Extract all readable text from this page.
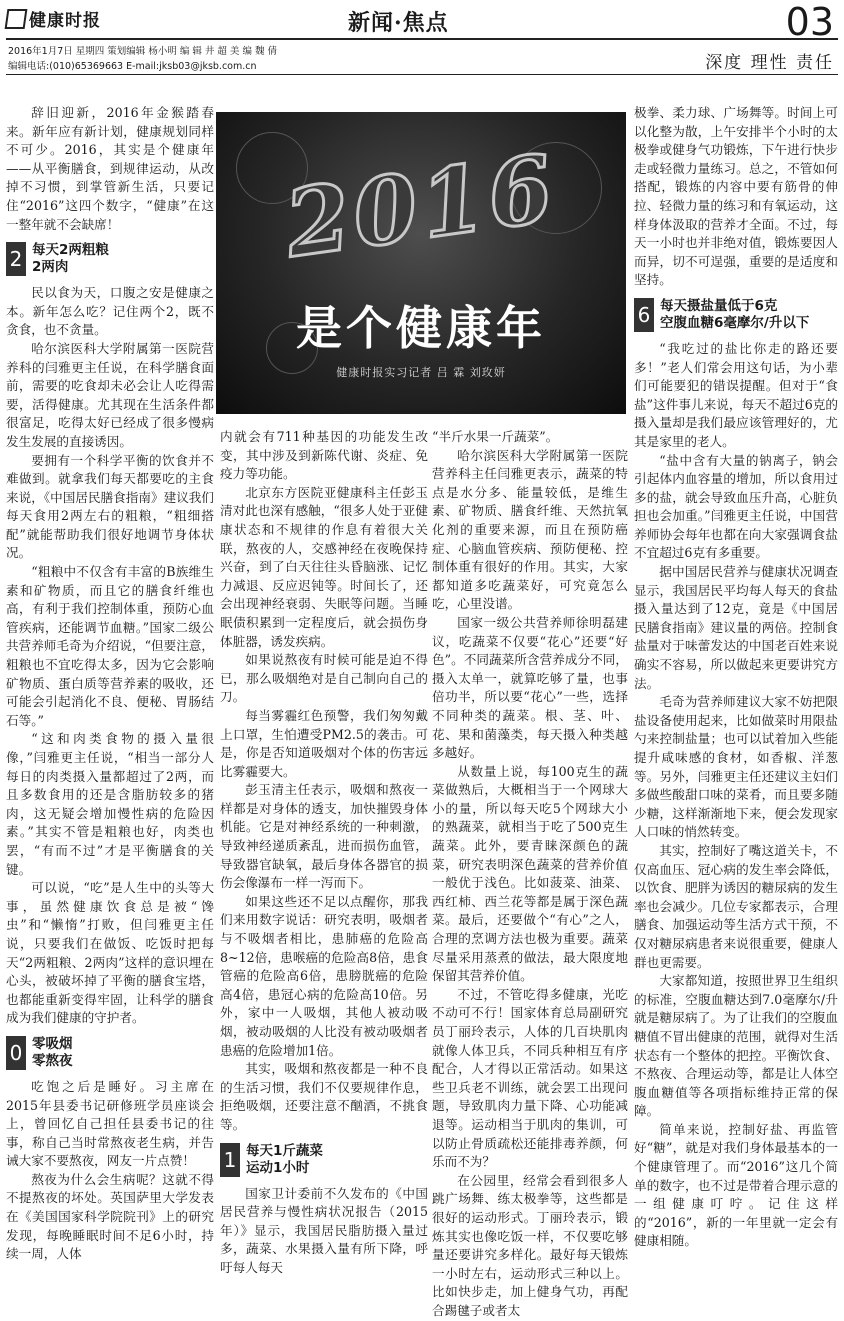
健康时报	新闻·焦点	03
2016年1月7日 星期四 策划编辑 杨小明 编 辑 井 超 美 编 魏 倩
编辑电话:(010)65369663 E-mail:jksb03@jksb.com.cn	深度 理性 责任
2016
是个健康年
健康时报实习记者 吕 霖 刘玫妍

辞旧迎新，2016年金猴踏春来。新年应有新计划，健康规划同样不可少。2016，其实是个健康年——从平衡膳食，到规律运动，从改掉不习惯，到掌管新生活，只要记住“2016”这四个数字，“健康”在这一整年就不会缺席！

2 每天2两粗粮
2两肉

民以食为天，口腹之安是健康之本。新年怎么吃？记住两个2，既不贪食，也不贪量。

哈尔滨医科大学附属第一医院营养科的闫雅更主任说，在科学膳食面前，需要的吃食却未必会让人吃得需要，活得健康。尤其现在生活条件都很富足，吃得太好已经成了很多慢病发生发展的直接诱因。

要拥有一个科学平衡的饮食并不难做到。就拿我们每天都要吃的主食来说，《中国居民膳食指南》建议我们每天食用2两左右的粗粮，“粗细搭配”就能帮助我们很好地调节身体状况。

“粗粮中不仅含有丰富的B族维生素和矿物质，而且它的膳食纤维也高，有利于我们控制体重，预防心血管疾病，还能调节血糖。”国家二级公共营养师毛奇为介绍说，“但要注意，粗粮也不宜吃得太多，因为它会影响矿物质、蛋白质等营养素的吸收，还可能会引起消化不良、便秘、胃肠结石等。”

“这和肉类食物的摄入量很像，”闫雅更主任说，“相当一部分人每日的肉类摄入量都超过了2两，而且多数食用的还是含脂肪较多的猪肉，这无疑会增加慢性病的危险因素。”其实不管是粗粮也好，肉类也罢，“有而不过”才是平衡膳食的关键。

可以说，“吃”是人生中的头等大事，虽然健康饮食总是被“馋虫”和“懒惰”打败，但闫雅更主任说，只要我们在做饭、吃饭时把每天“2两粗粮、2两肉”这样的意识埋在心头，被破坏掉了平衡的膳食宝塔，也都能重新变得牢固，让科学的膳食成为我们健康的守护者。

0 零吸烟
零熬夜

吃饱之后是睡好。习主席在2015年县委书记研修班学员座谈会上，曾回忆自己担任县委书记的往事，称自己当时常熬夜老生病，并告诫大家不要熬夜，网友一片点赞！

熬夜为什么会生病呢？这就不得不提熬夜的坏处。英国萨里大学发表在《美国国家科学院院刊》上的研究发现，每晚睡眠时间不足6小时，持续一周，人体

内就会有711种基因的功能发生改变，其中涉及到新陈代谢、炎症、免疫力等功能。

北京东方医院亚健康科主任彭玉清对此也深有感触，“很多人处于亚健康状态和不规律的作息有着很大关联，熬夜的人，交感神经在夜晚保持兴奋，到了白天往往头昏脑涨、记忆力减退、反应迟钝等。时间长了，还会出现神经衰弱、失眠等问题。当睡眠债积累到一定程度后，就会损伤身体脏器，诱发疾病。

如果说熬夜有时候可能是迫不得已，那么吸烟绝对是自己制向自己的刀。

每当雾霾红色预警，我们匆匆戴上口罩，生怕遭受PM2.5的袭击。可是，你是否知道吸烟对个体的伤害远比雾霾要大。

彭玉清主任表示，吸烟和熬夜一样都是对身体的透支，加快摧毁身体机能。它是对神经系统的一种刺激，导致神经递质紊乱，进而损伤血管，导致器官缺氧，最后身体各器官的损伤会像瀑布一样一泻而下。

如果这些还不足以点醒你，那我们来用数字说话：研究表明，吸烟者与不吸烟者相比，患肺癌的危险高8~12倍，患喉癌的危险高8倍，患食管癌的危险高6倍，患膀胱癌的危险高4倍，患冠心病的危险高10倍。另外，家中一人吸烟，其他人被动吸烟，被动吸烟的人比没有被动吸烟者患癌的危险增加1倍。

其实，吸烟和熬夜都是一种不良的生活习惯，我们不仅要规律作息，拒绝吸烟，还要注意不酗酒，不挑食等。

1 每天1斤蔬菜
运动1小时

国家卫计委前不久发布的《中国居民营养与慢性病状况报告（2015年）》显示，我国居民脂肪摄入量过多，蔬菜、水果摄入量有所下降，呼吁每人每天

“半斤水果一斤蔬菜”。

哈尔滨医科大学附属第一医院营养科主任闫雅更表示，蔬菜的特点是水分多、能量较低，是维生素、矿物质、膳食纤维、天然抗氧化剂的重要来源，而且在预防癌症、心脑血管疾病、预防便秘、控制体重有很好的作用。其实，大家都知道多吃蔬菜好，可究竟怎么吃，心里没谱。

国家一级公共营养师徐明磊建议，吃蔬菜不仅要“花心”还要“好色”。不同蔬菜所含营养成分不同，摄入太单一，就算吃够了量，也事倍功半，所以要“花心”一些，选择不同种类的蔬菜。根、茎、叶、花、果和菌藻类，每天摄入种类越多越好。

从数量上说，每100克生的蔬菜做熟后，大概相当于一个网球大小的量，所以每天吃5个网球大小的熟蔬菜，就相当于吃了500克生蔬菜。此外，要青睐深颜色的蔬菜，研究表明深色蔬菜的营养价值一般优于浅色。比如菠菜、油菜、西红柿、西兰花等都是属于深色蔬菜。最后，还要做个“有心”之人，合理的烹调方法也极为重要。蔬菜尽量采用蒸煮的做法，最大限度地保留其营养价值。

不过，不管吃得多健康，光吃不动可不行！国家体育总局副研究员丁丽玲表示，人体的几百块肌肉就像人体卫兵，不同兵种相互有序配合，人才得以正常活动。如果这些卫兵老不训练，就会罢工出现问题，导致肌肉力量下降、心功能减退等。运动相当于肌肉的集训，可以防止骨质疏松还能排毒养颜，何乐而不为？

在公园里，经常会看到很多人跳广场舞、练太极拳等，这些都是很好的运动形式。丁丽玲表示，锻炼其实也像吃饭一样，不仅要吃够量还要讲究多样化。最好每天锻炼一小时左右，运动形式三种以上。比如快步走，加上健身气功，再配合踢毽子或者太

极拳、柔力球、广场舞等。时间上可以化整为散，上午安排半个小时的太极拳或健身气功锻炼，下午进行快步走或轻微力量练习。总之，不管如何搭配，锻炼的内容中要有筋骨的伸拉、轻微力量的练习和有氧运动，这样身体汲取的营养才全面。不过，每天一小时也并非绝对值，锻炼要因人而异，切不可逞强，重要的是适度和坚持。

6 每天摄盐量低于6克
空腹血糖6毫摩尔/升以下

“我吃过的盐比你走的路还要多！”老人们常会用这句话，为小辈们可能要犯的错误提醒。但对于“食盐”这件事儿来说，每天不超过6克的摄入量却是我们最应该管理好的，尤其是家里的老人。

“盐中含有大量的钠离子，钠会引起体内血容量的增加，所以食用过多的盐，就会导致血压升高，心脏负担也会加重。”闫雅更主任说，中国营养师协会每年也都在向大家强调食盐不宜超过6克有多重要。

据中国居民营养与健康状况调查显示，我国居民平均每人每天的食盐摄入量达到了12克，竟是《中国居民膳食指南》建议量的两倍。控制食盐量对于味蕾发达的中国老百姓来说确实不容易，所以做起来更要讲究方法。

毛奇为营养师建议大家不妨把限盐设备使用起来，比如做菜时用限盐勺来控制盐量；也可以试着加入些能提升咸味感的食材，如香椒、洋葱等。另外，闫雅更主任还建议主妇们多做些酸甜口味的菜肴，而且要多随少糖，这样渐渐地下来，便会发现家人口味的悄然转变。

其实，控制好了嘴这道关卡，不仅高血压、冠心病的发生率会降低，以饮食、肥胖为诱因的糖尿病的发生率也会减少。几位专家都表示，合理膳食、加强运动等生活方式干预，不仅对糖尿病患者来说很重要，健康人群也更需要。

大家都知道，按照世界卫生组织的标准，空腹血糖达到7.0毫摩尔/升就是糖尿病了。为了让我们的空腹血糖值不冒出健康的范围，就得对生活状态有一个整体的把控。平衡饮食、不熬夜、合理运动等，都是让人体空腹血糖值等各项指标维持正常的保障。

简单来说，控制好盐、再监管好“糖”，就是对我们身体最基本的一个健康管理了。而“2016”这几个简单的数字，也不过是带着合理示意的一组健康叮咛。记住这样的“2016”，新的一年里就一定会有健康相随。
